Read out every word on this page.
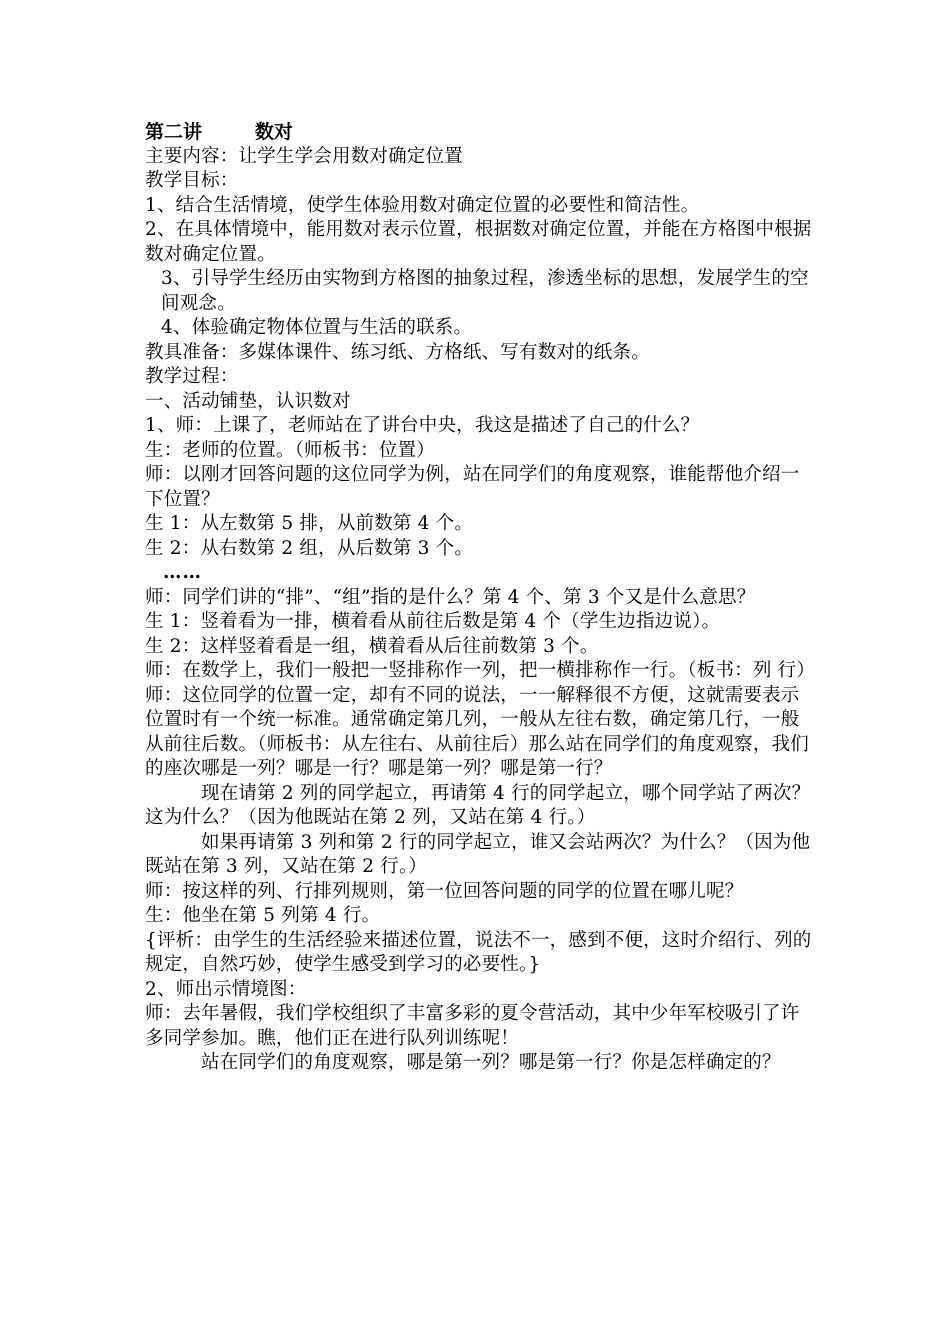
第二讲        数对
主要内容：让学生学会用数对确定位置
教学目标：
1、结合生活情境，使学生体验用数对确定位置的必要性和简洁性。
2、在具体情境中，能用数对表示位置，根据数对确定位置，并能在方格图中根据数对确定位置。
3、引导学生经历由实物到方格图的抽象过程，渗透坐标的思想，发展学生的空间观念。
4、体验确定物体位置与生活的联系。
教具准备：多媒体课件、练习纸、方格纸、写有数对的纸条。
教学过程：
一、活动铺垫，认识数对
1、师：上课了，老师站在了讲台中央，我这是描述了自己的什么？
生：老师的位置。（师板书：位置）
师：以刚才回答问题的这位同学为例，站在同学们的角度观察，谁能帮他介绍一下位置？
生 1：从左数第 5 排，从前数第 4 个。
生 2：从右数第 2 组，从后数第 3 个。
……
师：同学们讲的“排”、“组”指的是什么？第 4 个、第 3 个又是什么意思？
生 1：竖着看为一排，横着看从前往后数是第 4 个（学生边指边说）。
生 2：这样竖着看是一组，横着看从后往前数第 3 个。
师：在数学上，我们一般把一竖排称作一列，把一横排称作一行。（板书：列 行）
师：这位同学的位置一定，却有不同的说法，一一解释很不方便，这就需要表示位置时有一个统一标准。通常确定第几列，一般从左往右数，确定第几行，一般从前往后数。（师板书：从左往右、从前往后）那么站在同学们的角度观察，我们的座次哪是一列？哪是一行？哪是第一列？哪是第一行？
现在请第 2 列的同学起立，再请第 4 行的同学起立，哪个同学站了两次？这为什么？（因为他既站在第 2 列，又站在第 4 行。）
如果再请第 3 列和第 2 行的同学起立，谁又会站两次？为什么？（因为他既站在第 3 列，又站在第 2 行。）
师：按这样的列、行排列规则，第一位回答问题的同学的位置在哪儿呢？
生：他坐在第 5 列第 4 行。
{评析：由学生的生活经验来描述位置，说法不一，感到不便，这时介绍行、列的规定，自然巧妙，使学生感受到学习的必要性。}
2、师出示情境图：
师：去年暑假，我们学校组织了丰富多彩的夏令营活动，其中少年军校吸引了许多同学参加。瞧，他们正在进行队列训练呢！
站在同学们的角度观察，哪是第一列？哪是第一行？你是怎样确定的？
